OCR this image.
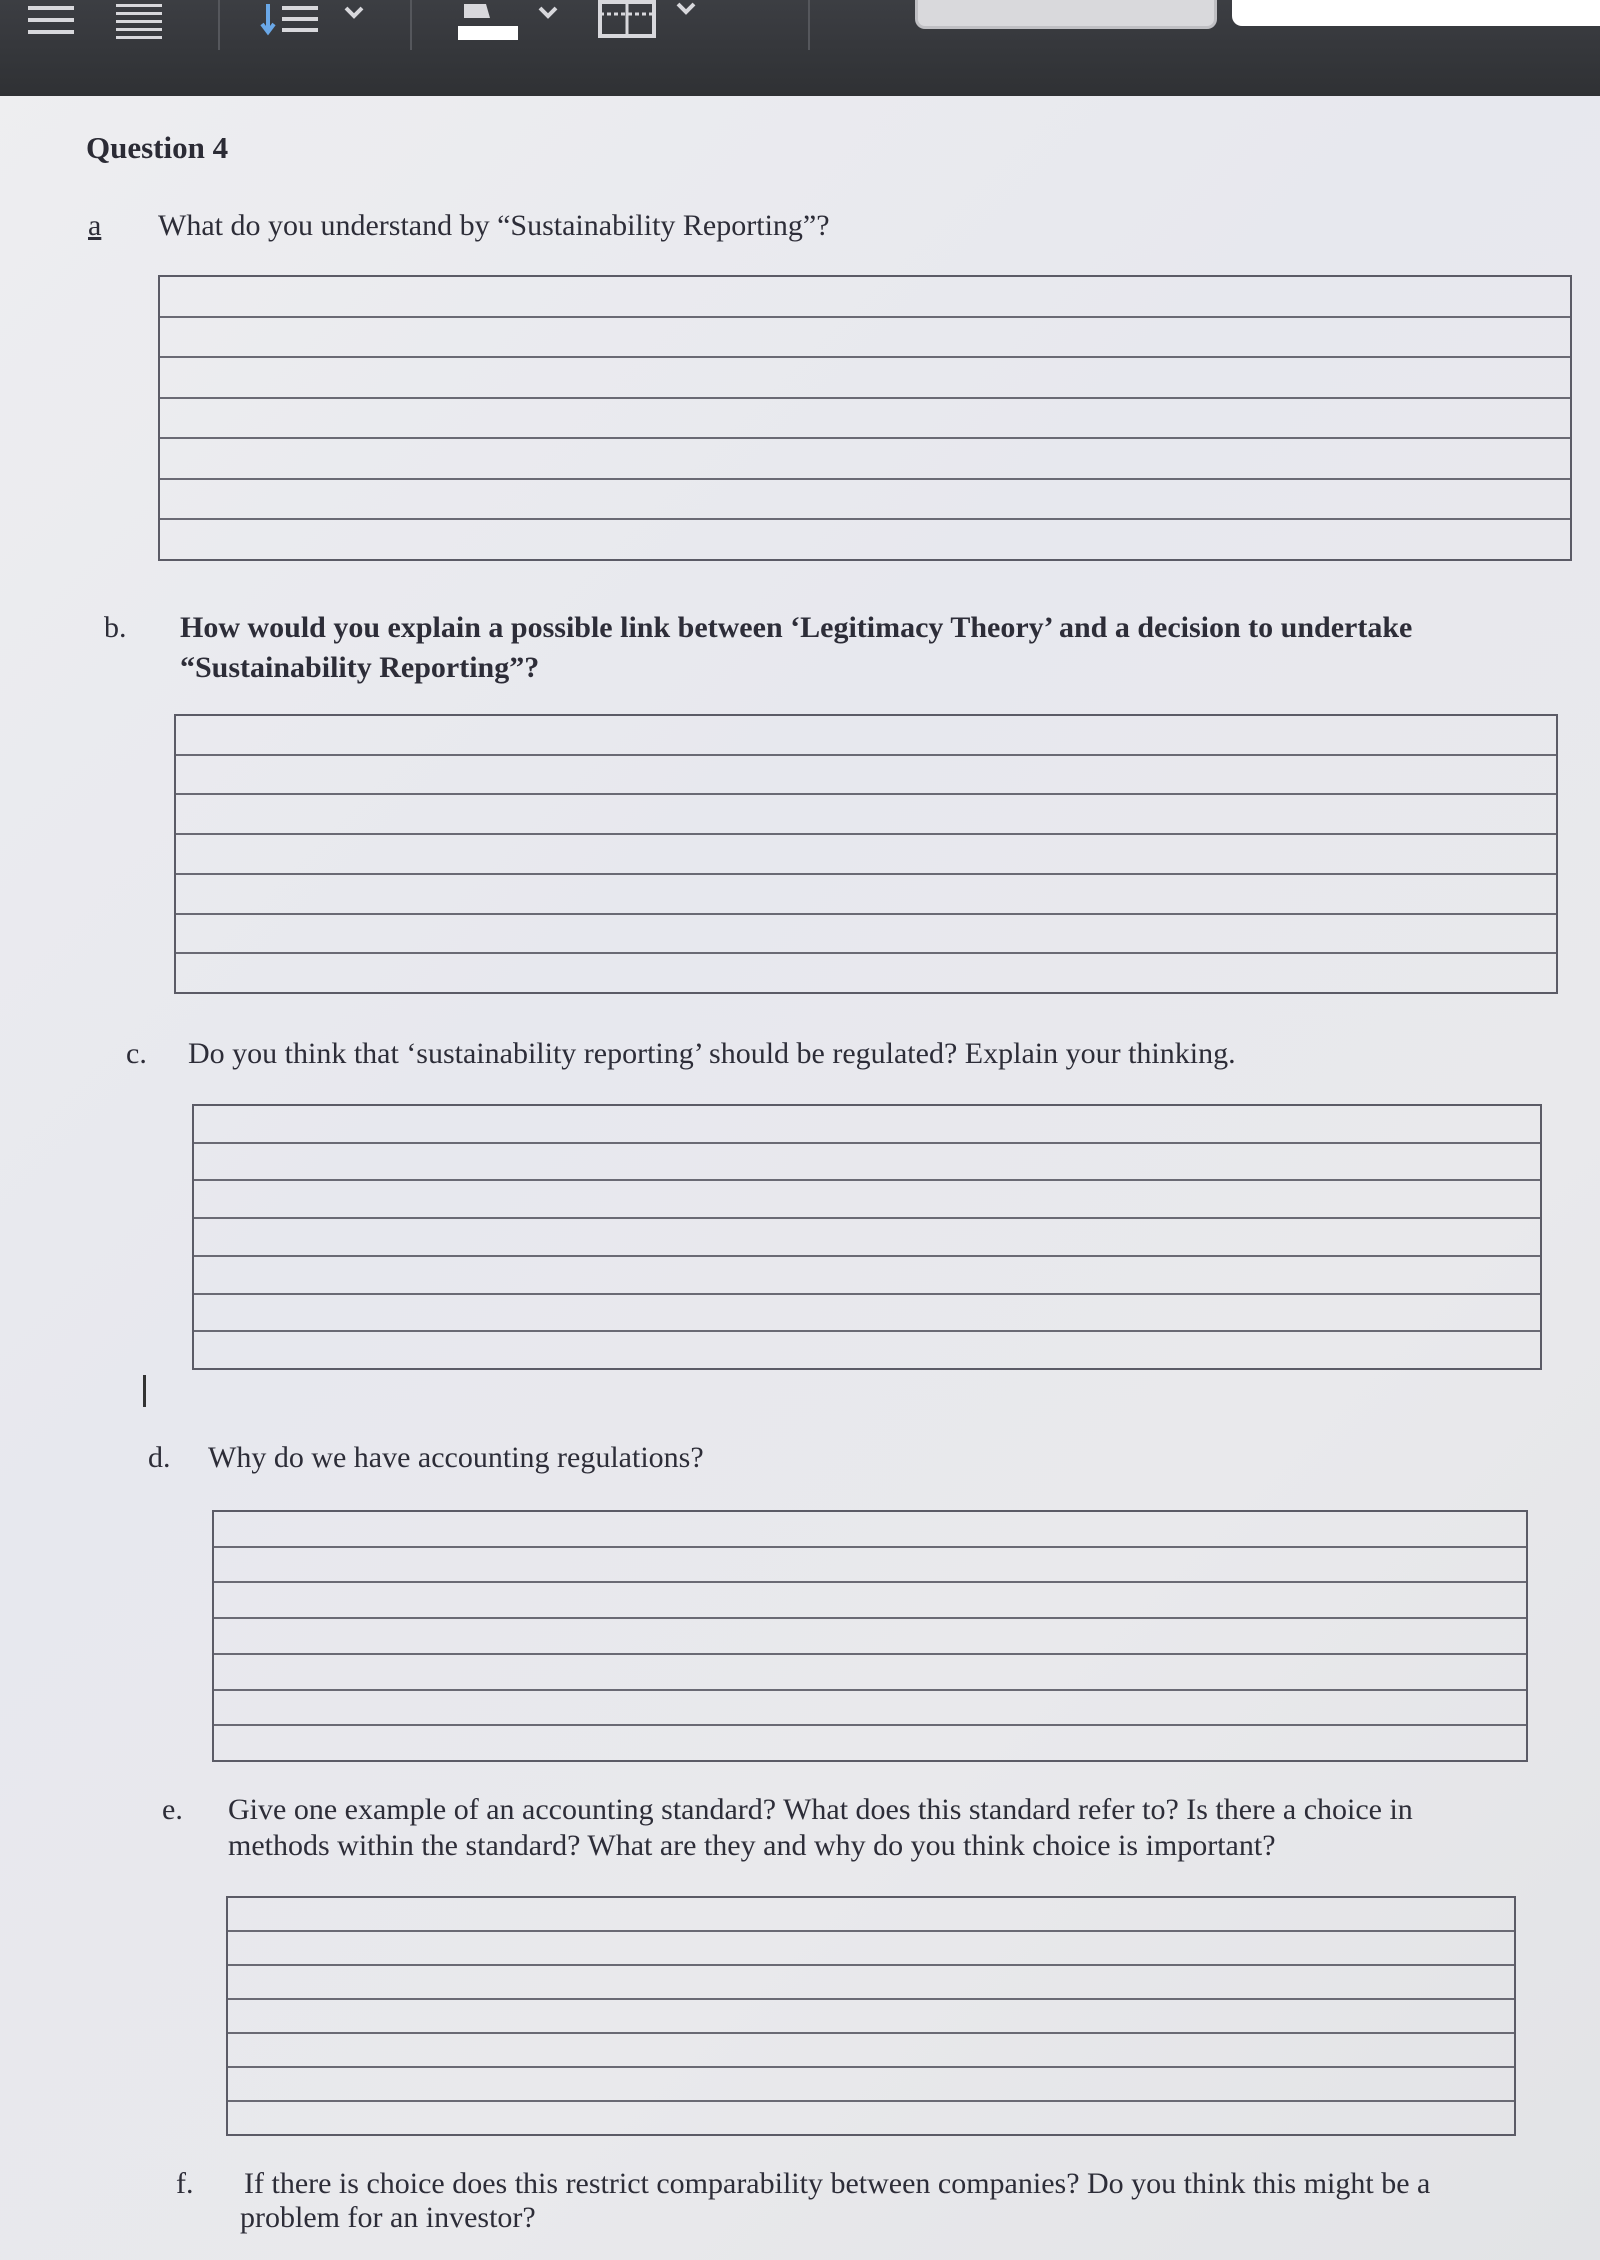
Question 4
a What do you understand by “Sustainability Reporting”?
b. How would you explain a possible link between ‘Legitimacy Theory’ and a decision to undertake
“Sustainability Reporting”?
c. Do you think that ‘sustainability reporting’ should be regulated? Explain your thinking.
d. Why do we have accounting regulations?
e. Give one example of an accounting standard? What does this standard refer to? Is there a choice in
methods within the standard? What are they and why do you think choice is important?
f. If there is choice does this restrict comparability between companies? Do you think this might be a
problem for an investor?
